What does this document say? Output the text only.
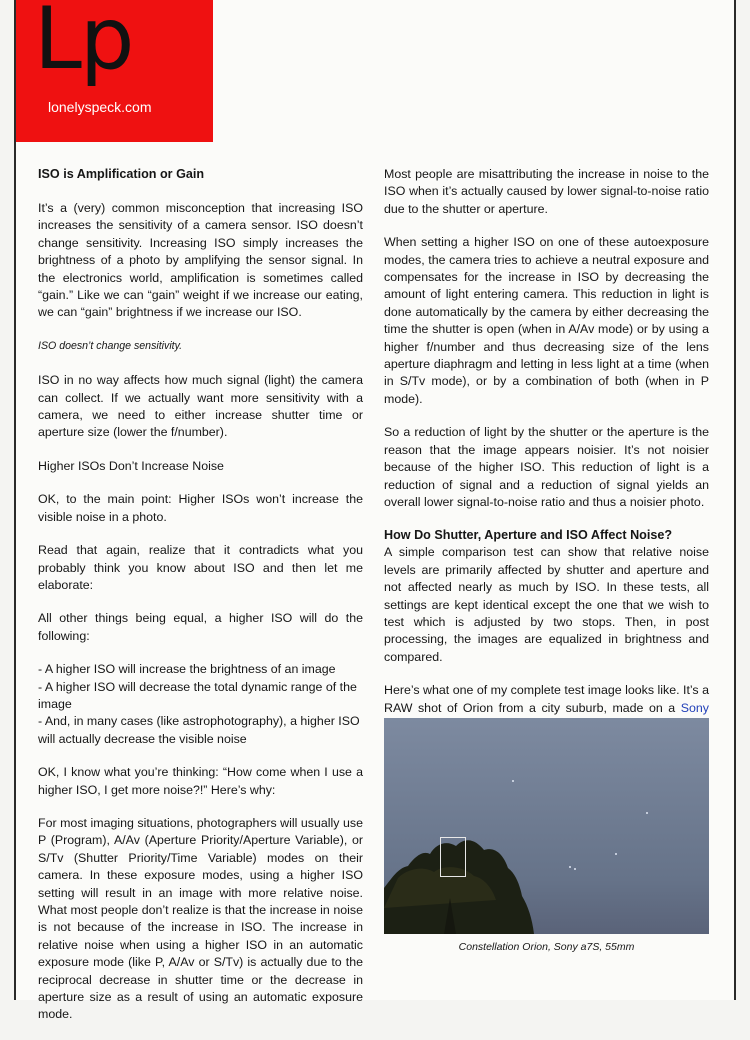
Lp
lonelyspeck.com
ISO is Amplification or Gain

It’s a (very) common misconception that increasing ISO increases the sensitivity of a camera sensor. ISO doesn’t change sensitivity. Increasing ISO simply increases the brightness of a photo by amplifying the sensor signal. In the electronics world, amplification is sometimes called “gain.” Like we can “gain” weight if we increase our eating, we can “gain” brightness if we increase our ISO.

ISO doesn’t change sensitivity.

ISO in no way affects how much signal (light) the camera can collect. If we actually want more sensitivity with a camera, we need to either increase shutter time or aperture size (lower the f/number).

Higher ISOs Don’t Increase Noise

OK, to the main point: Higher ISOs won’t increase the visible noise in a photo.

Read that again, realize that it contradicts what you probably think you know about ISO and then let me elaborate:

All other things being equal, a higher ISO will do the following:

- A higher ISO will increase the brightness of an image
- A higher ISO will decrease the total dynamic range of the image
- And, in many cases (like astrophotography), a higher ISO will actually decrease the visible noise

OK, I know what you’re thinking: “How come when I use a higher ISO, I get more noise?!” Here’s why:

For most imaging situations, photographers will usually use P (Program), A/Av (Aperture Priority/Aperture Variable), or S/Tv (Shutter Priority/Time Variable) modes on their camera. In these exposure modes, using a higher ISO setting will result in an image with more relative noise. What most people don’t realize is that the increase in noise is not because of the increase in ISO. The increase in relative noise when using a higher ISO in an automatic exposure mode (like P, A/Av or S/Tv) is actually due to the reciprocal decrease in shutter time or the decrease in aperture size as a result of using an automatic exposure mode.

Most people are misattributing the increase in noise to the ISO when it’s actually caused by lower signal-to-noise ratio due to the shutter or aperture.

When setting a higher ISO on one of these autoexposure modes, the camera tries to achieve a neutral exposure and compensates for the increase in ISO by decreasing the amount of light entering camera. This reduction in light is done automatically by the camera by either decreasing the time the shutter is open (when in A/Av mode) or by using a higher f/number and thus decreasing size of the lens aperture diaphragm and letting in less light at a time (when in S/Tv mode), or by a combination of both (when in P mode).

So a reduction of light by the shutter or the aperture is the reason that the image appears noisier. It’s not noisier because of the higher ISO. This reduction of light is a reduction of signal and a reduction of signal yields an overall lower signal-to-noise ratio and thus a noisier photo.

How Do Shutter, Aperture and ISO Affect Noise?

A simple comparison test can show that relative noise levels are primarily affected by shutter and aperture and not affected nearly as much by ISO. In these tests, all settings are kept identical except the one that we wish to test which is adjusted by two stops. Then, in post processing, the images are equalized in brightness and compared.

Here’s what one of my complete test image looks like. It’s a RAW shot of Orion from a city suburb, made on a Sony

Constellation Orion, Sony a7S, 55mm
